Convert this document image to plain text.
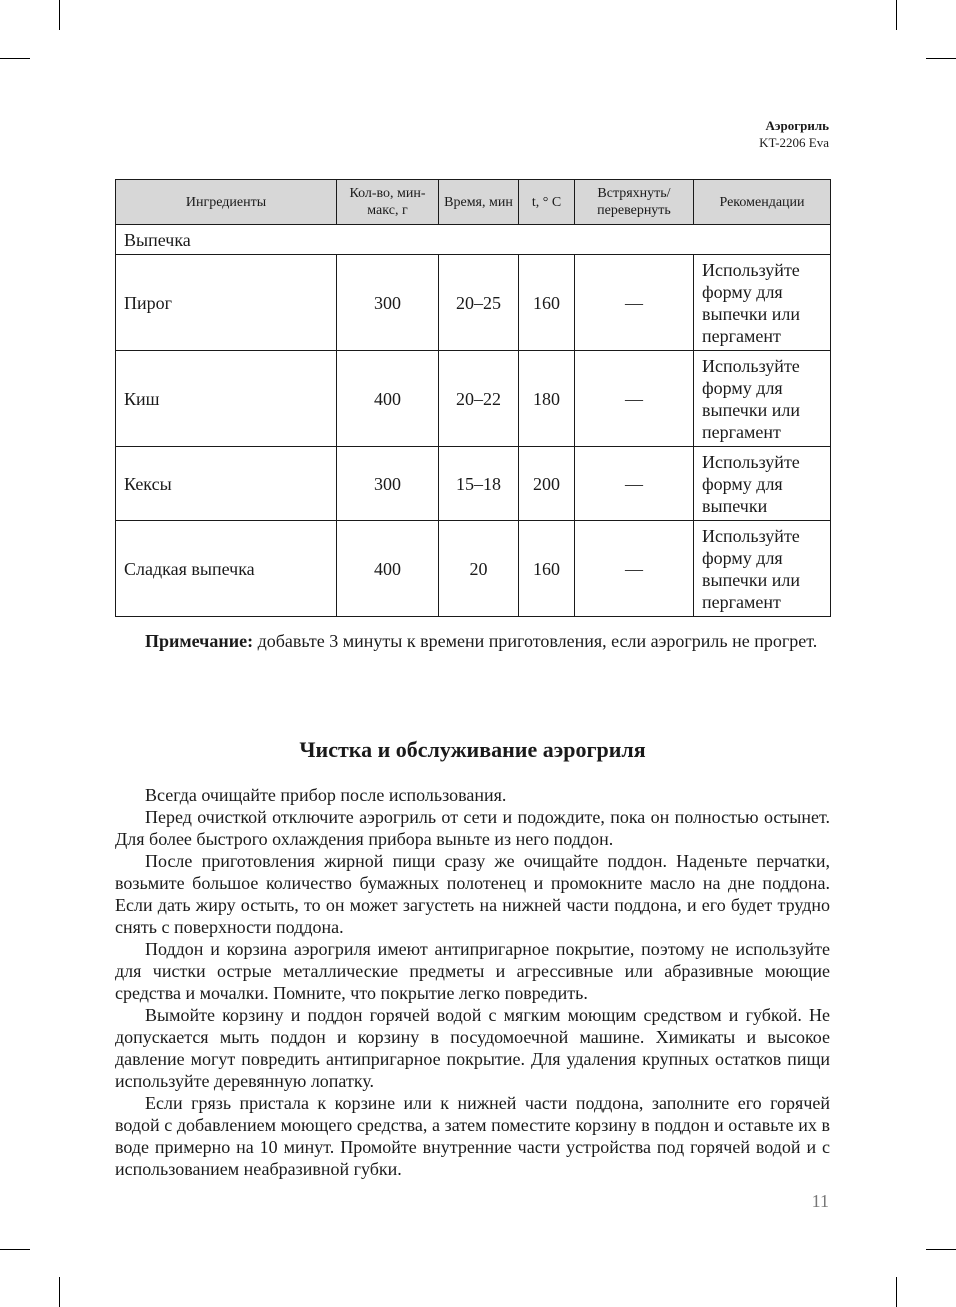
Аэрогриль
KT-2206 Eva
Ингредиенты	Кол-во, мин-макс, г	Время, мин	t, ° С	Встряхнуть/ перевернуть	Рекомендации
Выпечка					
Пирог	300	20–25	160	—	Используйте форму для выпечки или пергамент
Киш	400	20–22	180	—	Используйте форму для выпечки или пергамент
Кексы	300	15–18	200	—	Используйте форму для выпечки
Сладкая выпечка	400	20	160	—	Используйте форму для выпечки или пергамент

Примечание: добавьте 3 минуты к времени приготовления, если аэрогриль не прогрет.

Чистка и обслуживание аэрогриля

Всегда очищайте прибор после использования.

Перед очисткой отключите аэрогриль от сети и подождите, пока он полностью остынет. Для более быстрого охлаждения прибора выньте из него поддон.

После приготовления жирной пищи сразу же очищайте поддон. Наденьте перчатки, возьмите большое количество бумажных полотенец и промокните масло на дне поддона. Если дать жиру остыть, то он может загустеть на нижней части поддона, и его будет трудно снять с поверхности поддона.

Поддон и корзина аэрогриля имеют антипригарное покрытие, поэтому не используйте для чистки острые металлические предметы и агрессивные или абразивные моющие средства и мочалки. Помните, что покрытие легко повредить.

Вымойте корзину и поддон горячей водой с мягким моющим средством и губкой. Не допускается мыть поддон и корзину в посудомоечной машине. Химикаты и высокое давление могут повредить антипригарное покрытие. Для удаления крупных остатков пищи используйте деревянную лопатку.

Если грязь пристала к корзине или к нижней части поддона, заполните его горячей водой с добавлением моющего средства, а затем поместите корзину в поддон и оставьте их в воде примерно на 10 минут. Промойте внутренние части устройства под горячей водой и с использованием неабразивной губки.

11
